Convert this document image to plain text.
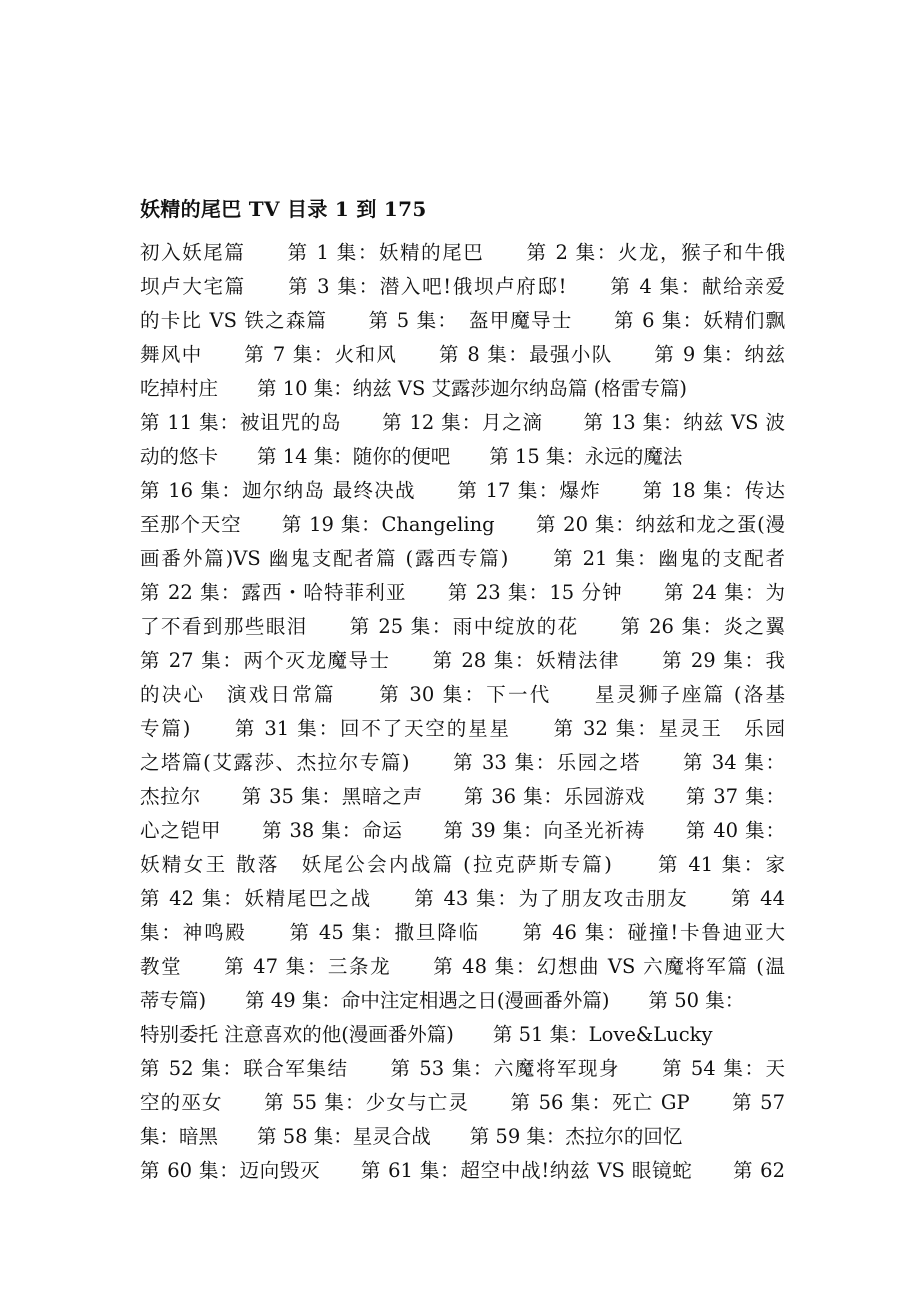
妖精的尾巴 TV 目录 1 到 175
初入妖尾篇　　第 1 集：妖精的尾巴　　第 2 集：火龙，猴子和牛俄
坝卢大宅篇　　第 3 集：潜入吧!俄坝卢府邸!　　第 4 集：献给亲爱
的卡比 VS 铁之森篇　　第 5 集：　盔甲魔导士　　第 6 集：妖精们飘
舞风中　　第 7 集：火和风　　第 8 集：最强小队　　第 9 集：纳兹
吃掉村庄　　第 10 集：纳兹 VS 艾露莎迦尔纳岛篇 (格雷专篇)
第 11 集：被诅咒的岛　　第 12 集：月之滴　　第 13 集：纳兹 VS 波
动的悠卡　　第 14 集：随你的便吧　　第 15 集：永远的魔法
第 16 集：迦尔纳岛 最终决战　　第 17 集：爆炸　　第 18 集：传达
至那个天空　　第 19 集：Changeling　　第 20 集：纳兹和龙之蛋(漫
画番外篇)VS 幽鬼支配者篇 (露西专篇)　　第 21 集：幽鬼的支配者
第 22 集：露西・哈特菲利亚　　第 23 集：15 分钟　　第 24 集：为
了不看到那些眼泪　　第 25 集：雨中绽放的花　　第 26 集：炎之翼
第 27 集：两个灭龙魔导士　　第 28 集：妖精法律　　第 29 集：我
的决心　演戏日常篇　　第 30 集：下一代　　星灵狮子座篇 (洛基
专篇)　　第 31 集：回不了天空的星星　　第 32 集：星灵王　乐园
之塔篇(艾露莎、杰拉尔专篇)　　第 33 集：乐园之塔　　第 34 集：
杰拉尔　　第 35 集：黑暗之声　　第 36 集：乐园游戏　　第 37 集：
心之铠甲　　第 38 集：命运　　第 39 集：向圣光祈祷　　第 40 集：
妖精女王 散落　妖尾公会内战篇 (拉克萨斯专篇)　　第 41 集：家
第 42 集：妖精尾巴之战　　第 43 集：为了朋友攻击朋友　　第 44
集：神鸣殿　　第 45 集：撒旦降临　　第 46 集：碰撞!卡鲁迪亚大
教堂　　第 47 集：三条龙　　第 48 集：幻想曲 VS 六魔将军篇 (温
蒂专篇)　　第 49 集：命中注定相遇之日(漫画番外篇)　　第 50 集：
特别委托 注意喜欢的他(漫画番外篇)　　第 51 集：Love&Lucky
第 52 集：联合军集结　　第 53 集：六魔将军现身　　第 54 集：天
空的巫女　　第 55 集：少女与亡灵　　第 56 集：死亡 GP　　第 57
集：暗黑　　第 58 集：星灵合战　　第 59 集：杰拉尔的回忆
第 60 集：迈向毁灭　　第 61 集：超空中战!纳兹 VS 眼镜蛇　　第 62
